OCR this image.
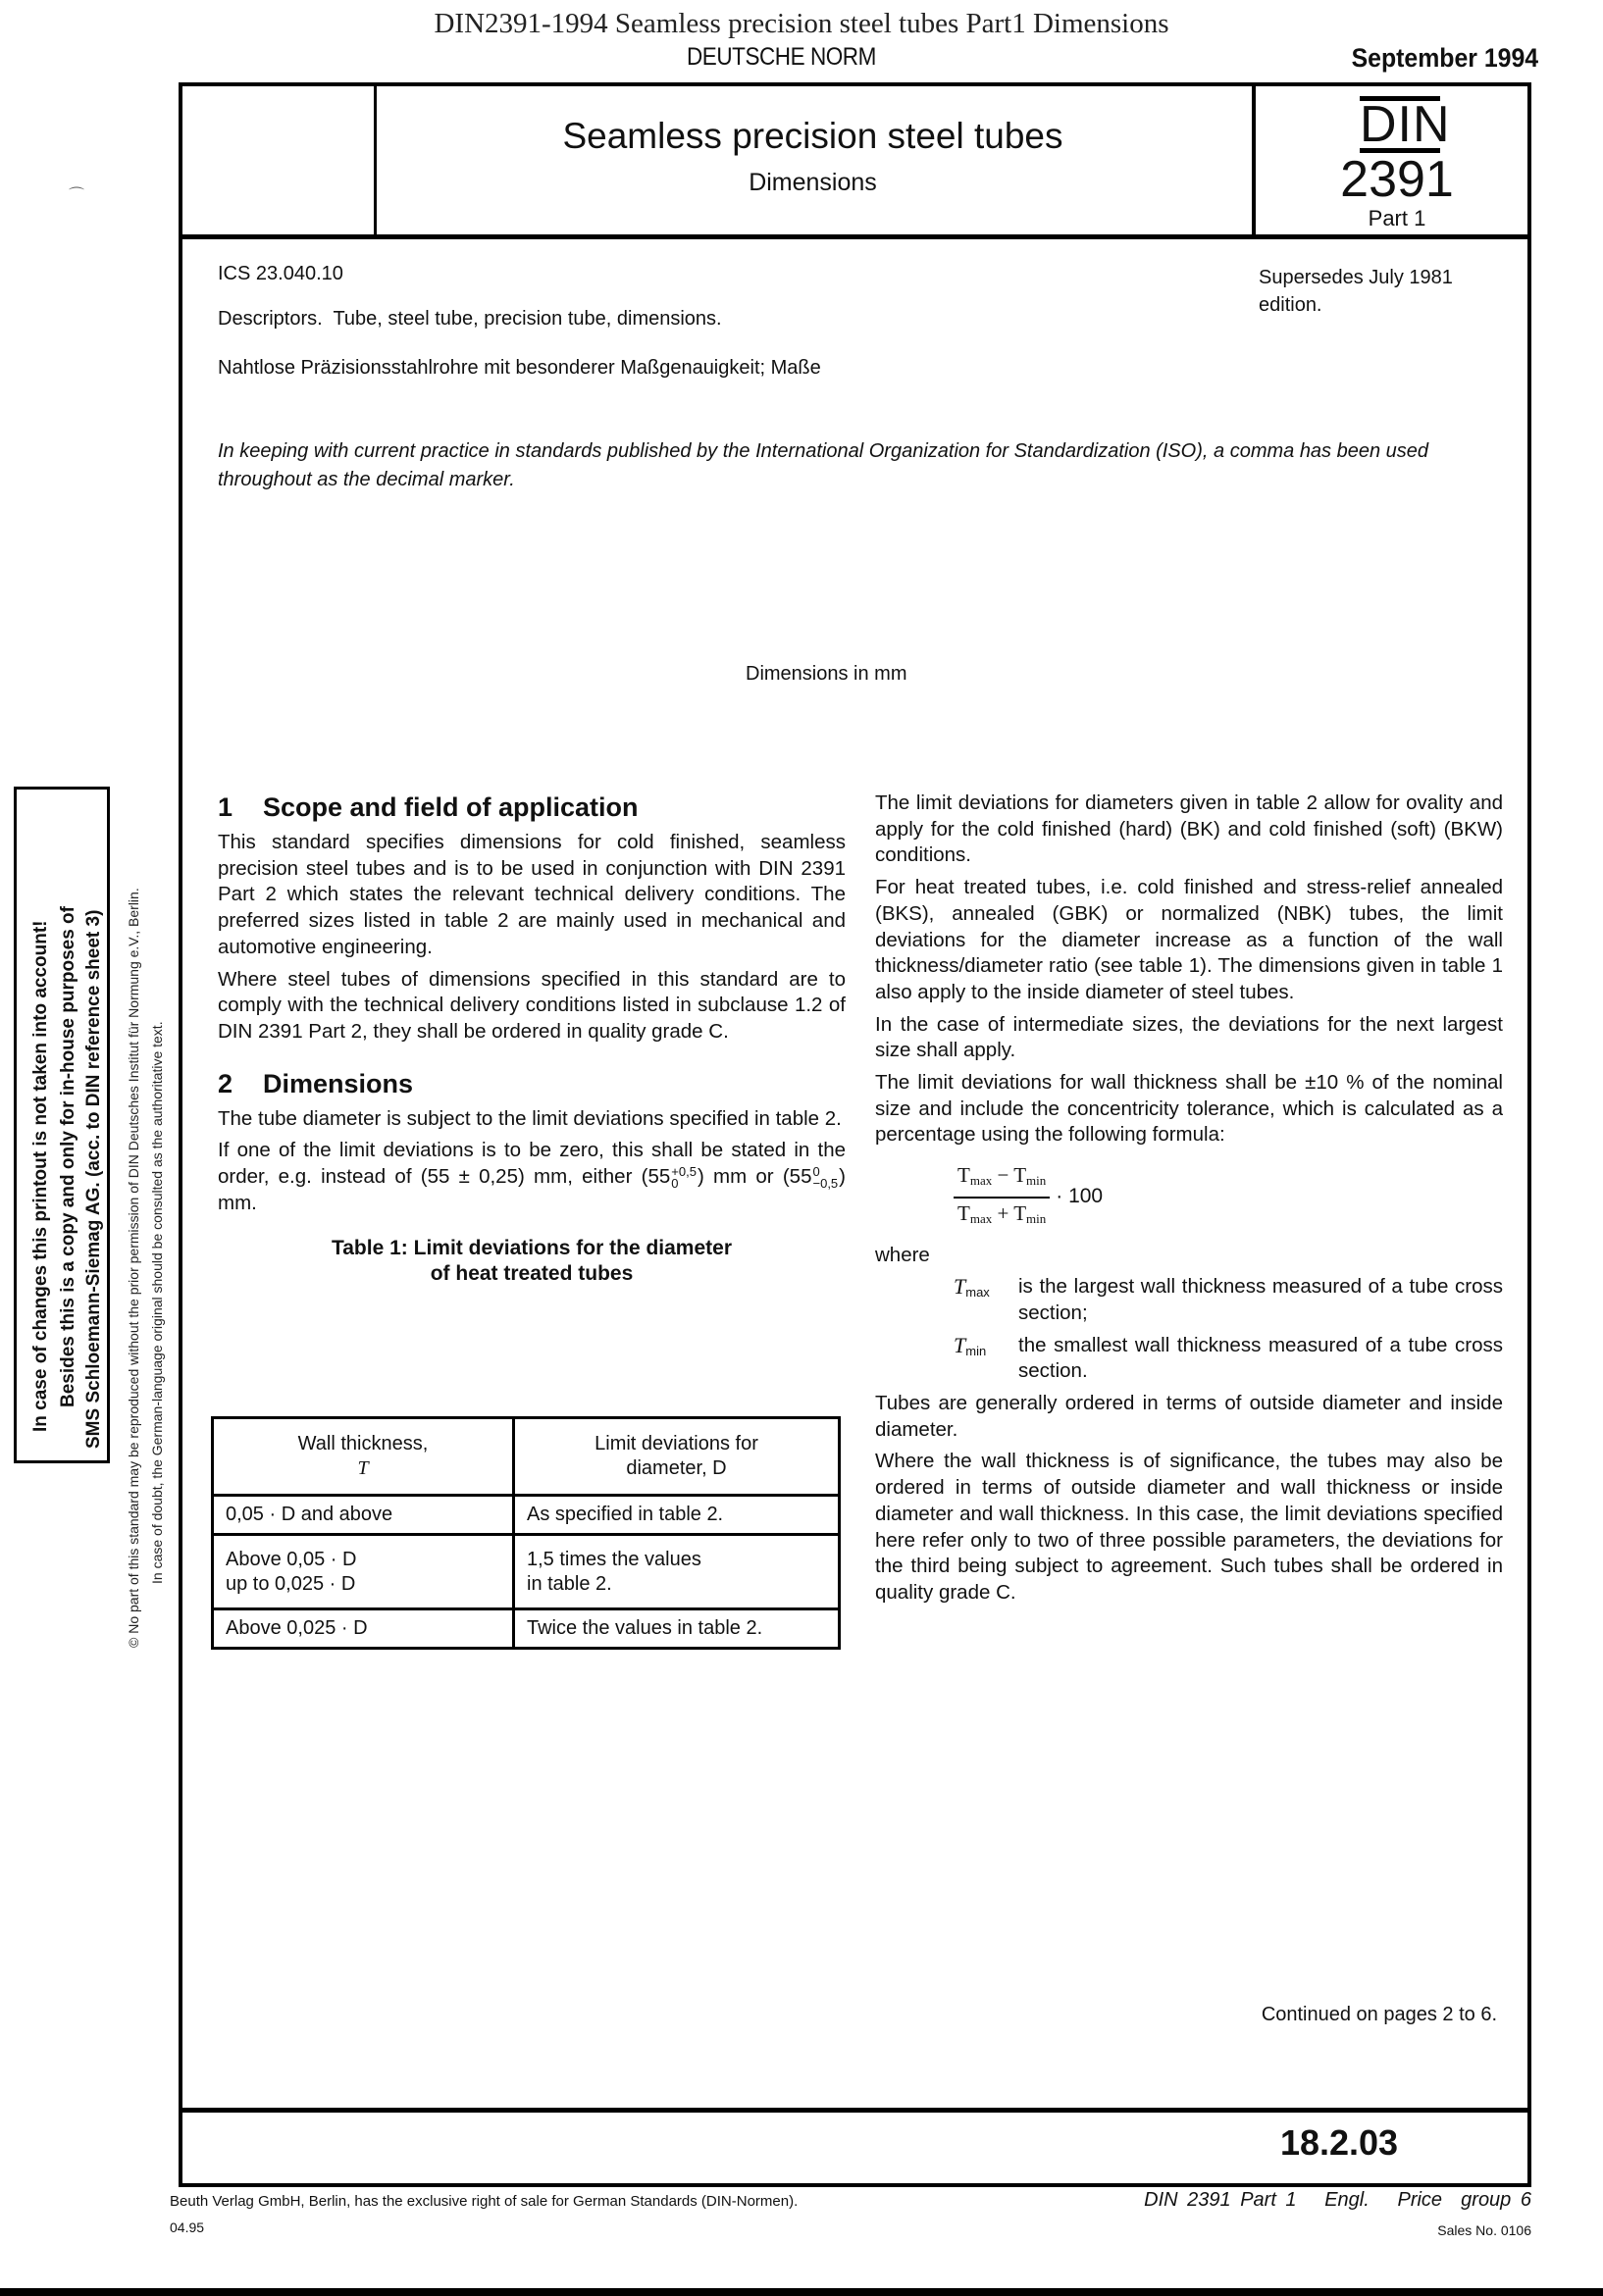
DIN2391-1994 Seamless precision steel tubes Part1 Dimensions
DEUTSCHE NORM	September 1994
Seamless precision steel tubes
Dimensions
DIN
2391
Part 1
ICS 23.040.10
Descriptors.  Tube, steel tube, precision tube, dimensions.
Nahtlose Präzisionsstahlrohre mit besonderer Maßgenauigkeit; Maße
Supersedes July 1981
edition.
In keeping with current practice in standards published by the International Organization for Standardization (ISO), a comma has been used throughout as the decimal marker.
Dimensions in mm

1 Scope and field of application

This standard specifies dimensions for cold finished, seamless precision steel tubes and is to be used in conjunction with DIN 2391 Part 2 which states the relevant technical delivery conditions. The preferred sizes listed in table 2 are mainly used in mechanical and automotive engineering.

Where steel tubes of dimensions specified in this standard are to comply with the technical delivery conditions listed in subclause 1.2 of DIN 2391 Part 2, they shall be ordered in quality grade C.

2 Dimensions

The tube diameter is subject to the limit deviations specified in table 2.

If one of the limit deviations is to be zero, this shall be stated in the order, e.g. instead of (55 ± 0,25) mm, either (55 +0,5
0 ) mm or (55 0
−0,5 ) mm.

Table 1: Limit deviations for the diameter
of heat treated tubes

Wall thickness,
T	Limit deviations for
diameter, D
0,05 · D and above	As specified in table 2.
Above 0,05 · D
up to 0,025 · D	1,5 times the values
in table 2.
Above 0,025 · D	Twice the values in table 2.

The limit deviations for diameters given in table 2 allow for ovality and apply for the cold finished (hard) (BK) and cold finished (soft) (BKW) conditions.

For heat treated tubes, i.e. cold finished and stress-relief annealed (BKS), annealed (GBK) or normalized (NBK) tubes, the limit deviations for the diameter increase as a function of the wall thickness/diameter ratio (see table 1). The dimensions given in table 1 also apply to the inside diameter of steel tubes.

In the case of intermediate sizes, the deviations for the next largest size shall apply.

The limit deviations for wall thickness shall be ±10 % of the nominal size and include the concentricity tolerance, which is calculated as a percentage using the following formula:

$\frac{T_{max} - T_{min}}{T_{max} + T_{min}} \cdot 100$

where

$T_{max}$	is the largest wall thickness measured of a tube cross section;
$T_{min}$	the smallest wall thickness measured of a tube cross section.

Tubes are generally ordered in terms of outside diameter and inside diameter.

Where the wall thickness is of significance, the tubes may also be ordered in terms of outside diameter and wall thickness or inside diameter and wall thickness. In this case, the limit deviations specified here refer only to two of three possible parameters, the deviations for the third being subject to agreement. Such tubes shall be ordered in quality grade C.

Continued on pages 2 to 6.
18.2.03
Beuth Verlag GmbH, Berlin, has the exclusive right of sale for German Standards (DIN-Normen).
04.95
DIN 2391 Part 1   Engl.   Price  group 6
Sales No. 0106
⌒
In case of changes this printout is not taken into account! Besides this is a copy and only for in-house purposes of SMS Schloemann-Siemag AG. (acc. to DIN reference sheet 3) © No part of this standard may be reproduced without the prior permission of DIN Deutsches Institut für Normung e.V., Berlin. In case of doubt, the German-language original should be consulted as the authoritative text.
